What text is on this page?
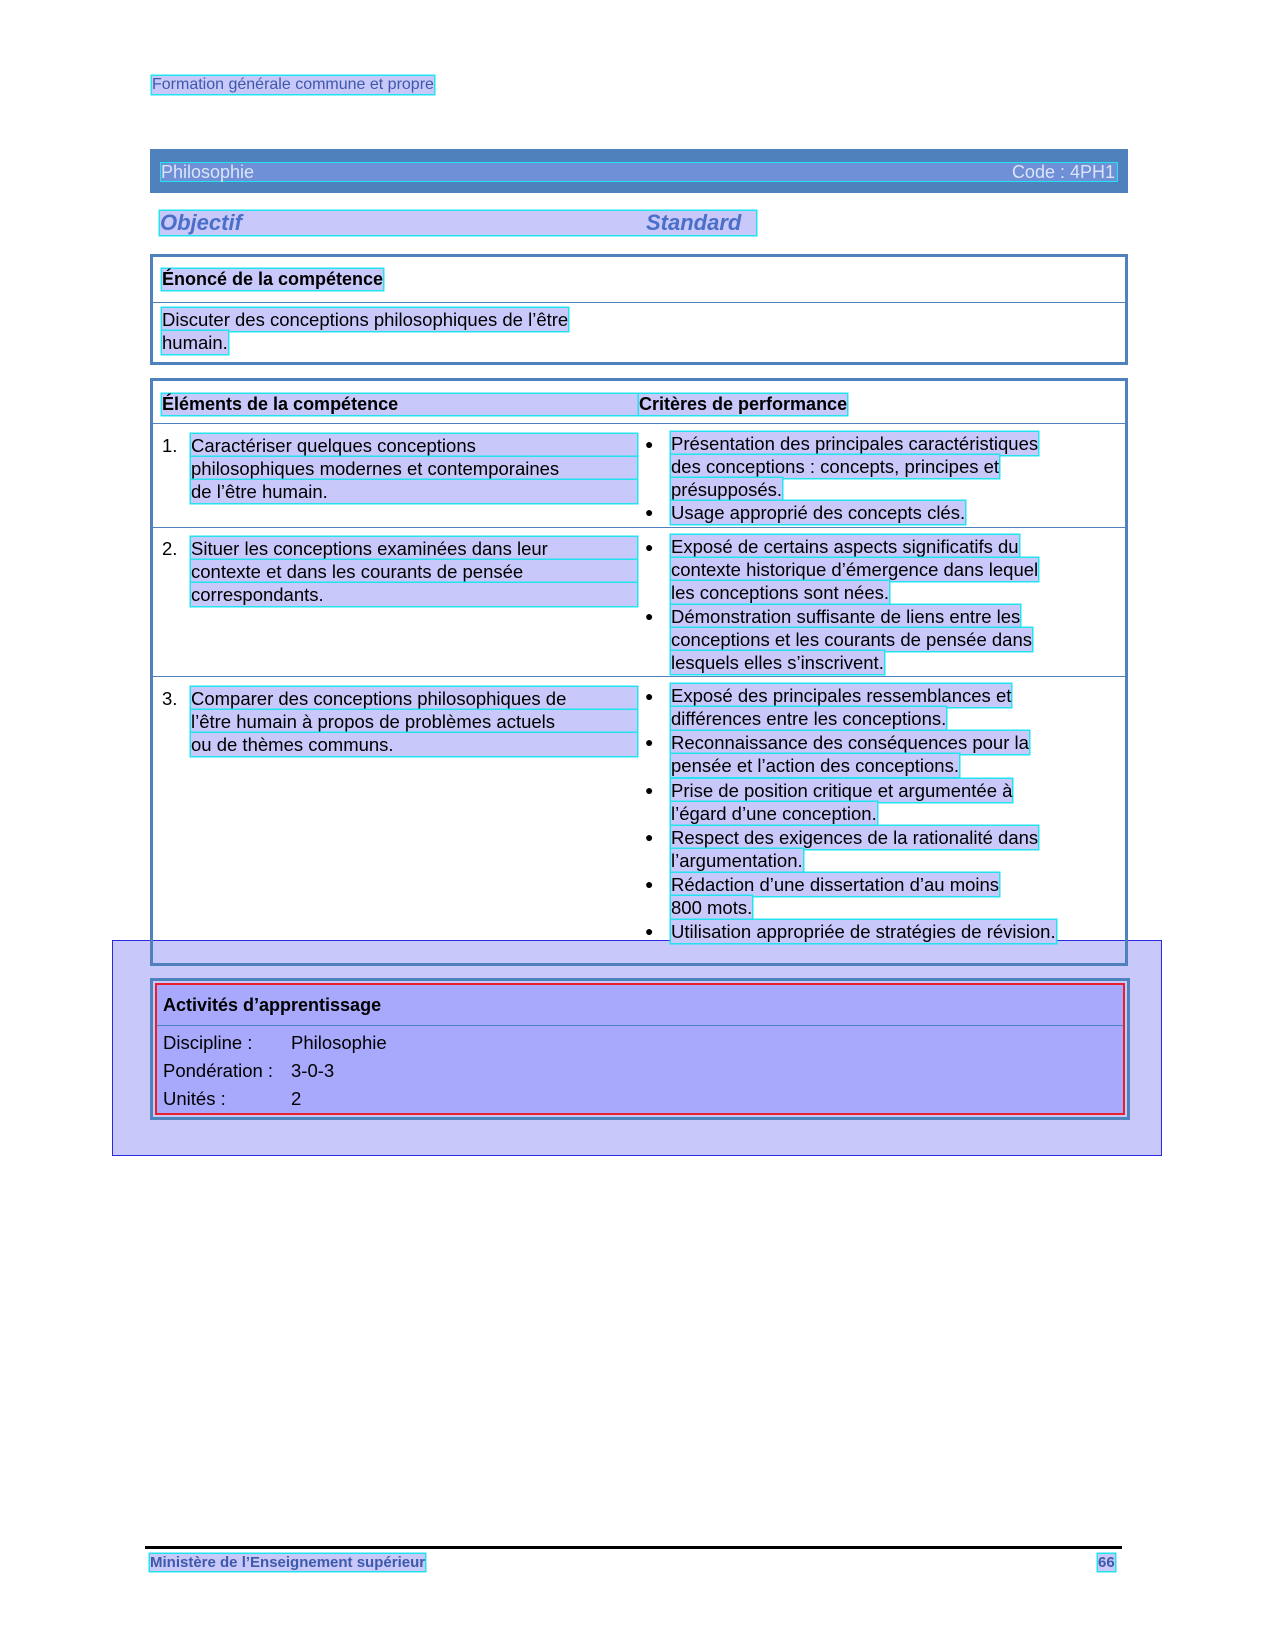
Formation générale commune et propre
Philosophie	Code : 4PH1
Objectif	Standard
Énoncé de la compétence
Discuter des conceptions philosophiques de l’être
humain.
Éléments de la compétence	Critères de performance
1. Caractériser quelques conceptions
philosophiques modernes et contemporaines
de l’être humain.
● Présentation des principales caractéristiques
des conceptions : concepts, principes et
présupposés.
● Usage approprié des concepts clés.
2. Situer les conceptions examinées dans leur
contexte et dans les courants de pensée
correspondants.
● Exposé de certains aspects significatifs du
contexte historique d’émergence dans lequel
les conceptions sont nées.
● Démonstration suffisante de liens entre les
conceptions et les courants de pensée dans
lesquels elles s’inscrivent.
3. Comparer des conceptions philosophiques de
l’être humain à propos de problèmes actuels
ou de thèmes communs.
● Exposé des principales ressemblances et
différences entre les conceptions.
● Reconnaissance des conséquences pour la
pensée et l’action des conceptions.
● Prise de position critique et argumentée à
l’égard d’une conception.
● Respect des exigences de la rationalité dans
l’argumentation.
● Rédaction d’une dissertation d’au moins
800 mots.
● Utilisation appropriée de stratégies de révision.
Activités d’apprentissage
Discipline : Philosophie
Pondération : 3-0-3
Unités :	2
Ministère de l’Enseignement supérieur	66
